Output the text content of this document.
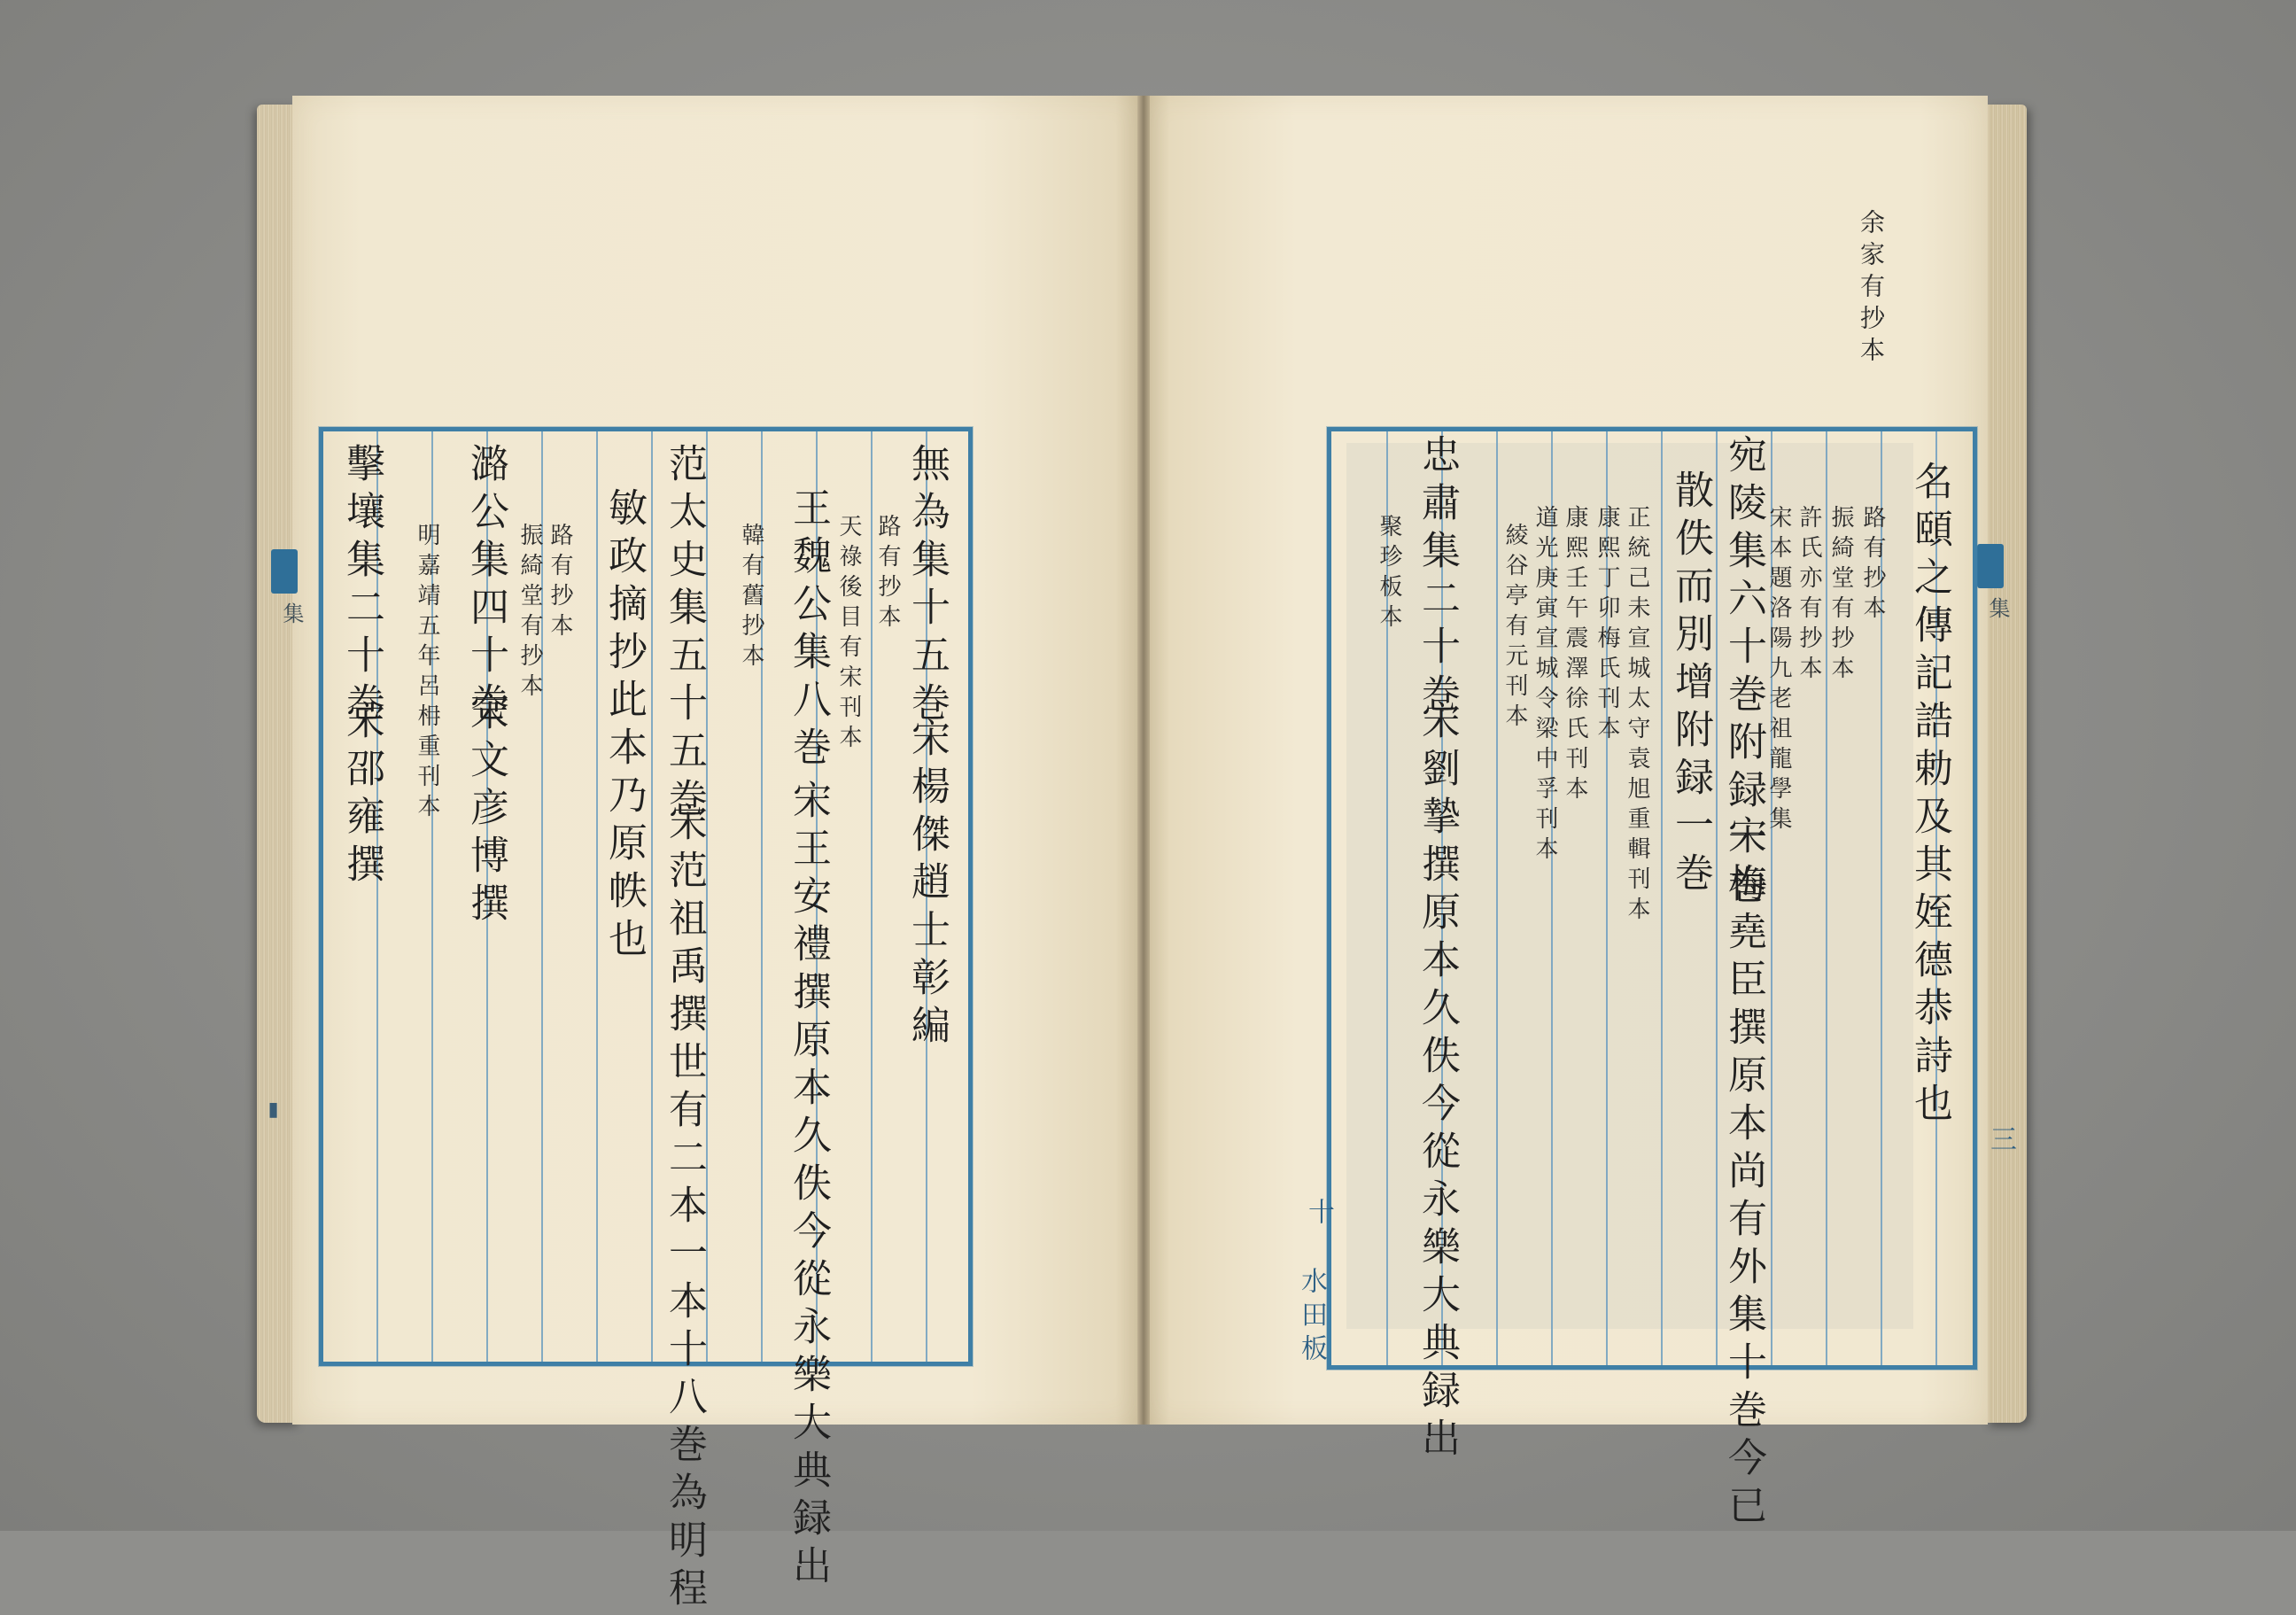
集	集
三
無為集十五巻
宋楊傑趙士彰編
路有抄本
天祿後目有宋刊本
王魏公集八巻
宋王安禮撰原本久佚今從永樂大典録出
韓有舊抄本
范太史集五十五巻
宋范祖禹撰世有二本一本十八巻為明程
敏政摘抄此本乃原帙也
路有抄本
振綺堂有抄本
潞公集四十巻
宋文彦博撰
明嘉靖五年呂枏重刊本
擊壤集二十巻
宋邵雍撰
▮
余家有抄本
名頤之傳記誥勅及其姪德恭詩也
路有抄本
振綺堂有抄本
許氏亦有抄本
宋本題洛陽九老祖龍學集
宛陵集六十巻附録一巻
宋梅堯臣撰原本尚有外集十巻今已
散佚而別增附録一巻
正統己未宣城太守袁旭重輯刊本
康熙丁卯梅氏刊本
康熙壬午震澤徐氏刊本
道光庚寅宣城令梁中孚刊本
綾谷亭有元刊本
忠肅集二十巻
宋劉摯撰原本久佚今從永樂大典録出
聚珍板本
十
水田板
